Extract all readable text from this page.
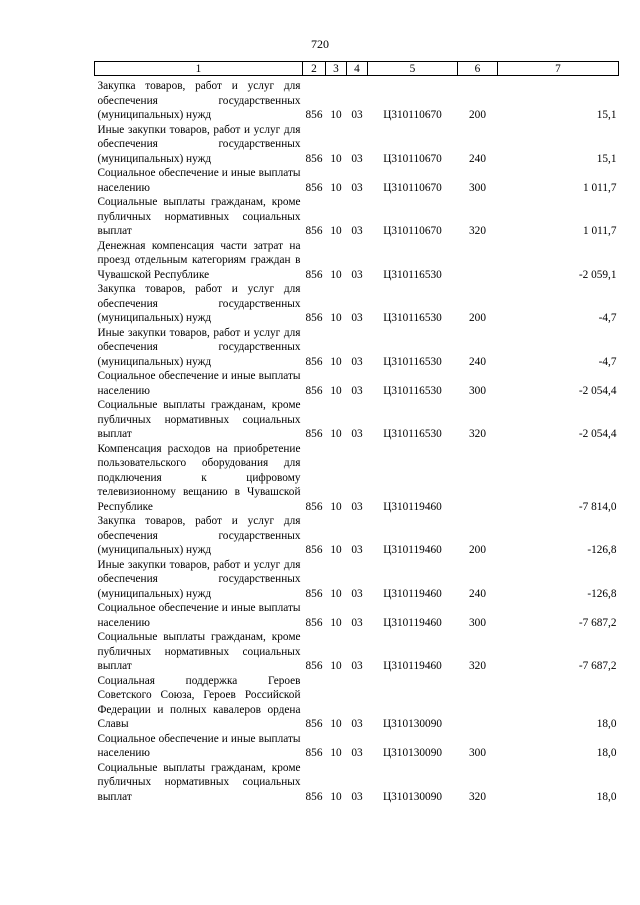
720
1	2	3	4	5	6	7
Закупка товаров, работ и услуг для обеспечения государственных (муниципальных) нужд	856	10	03	Ц310110670	200	15,1
Иные закупки товаров, работ и услуг для обеспечения государственных (муниципальных) нужд	856	10	03	Ц310110670	240	15,1
Социальное обеспечение и иные выплаты населению	856	10	03	Ц310110670	300	1 011,7
Социальные выплаты гражданам, кроме публичных нормативных социальных выплат	856	10	03	Ц310110670	320	1 011,7
Денежная компенсация части затрат на проезд отдельным категориям граждан в Чувашской Республике	856	10	03	Ц310116530		-2 059,1
Закупка товаров, работ и услуг для обеспечения государственных (муниципальных) нужд	856	10	03	Ц310116530	200	-4,7
Иные закупки товаров, работ и услуг для обеспечения государственных (муниципальных) нужд	856	10	03	Ц310116530	240	-4,7
Социальное обеспечение и иные выплаты населению	856	10	03	Ц310116530	300	-2 054,4
Социальные выплаты гражданам, кроме публичных нормативных социальных выплат	856	10	03	Ц310116530	320	-2 054,4
Компенсация расходов на приобретение пользовательского оборудования для подключения к цифровому телевизионному вещанию в Чувашской Республике	856	10	03	Ц310119460		-7 814,0
Закупка товаров, работ и услуг для обеспечения государственных (муниципальных) нужд	856	10	03	Ц310119460	200	-126,8
Иные закупки товаров, работ и услуг для обеспечения государственных (муниципальных) нужд	856	10	03	Ц310119460	240	-126,8
Социальное обеспечение и иные выплаты населению	856	10	03	Ц310119460	300	-7 687,2
Социальные выплаты гражданам, кроме публичных нормативных социальных выплат	856	10	03	Ц310119460	320	-7 687,2
Социальная поддержка Героев Советского Союза, Героев Российской Федерации и полных кавалеров ордена Славы	856	10	03	Ц310130090		18,0
Социальное обеспечение и иные выплаты населению	856	10	03	Ц310130090	300	18,0
Социальные выплаты гражданам, кроме публичных нормативных социальных выплат	856	10	03	Ц310130090	320	18,0
